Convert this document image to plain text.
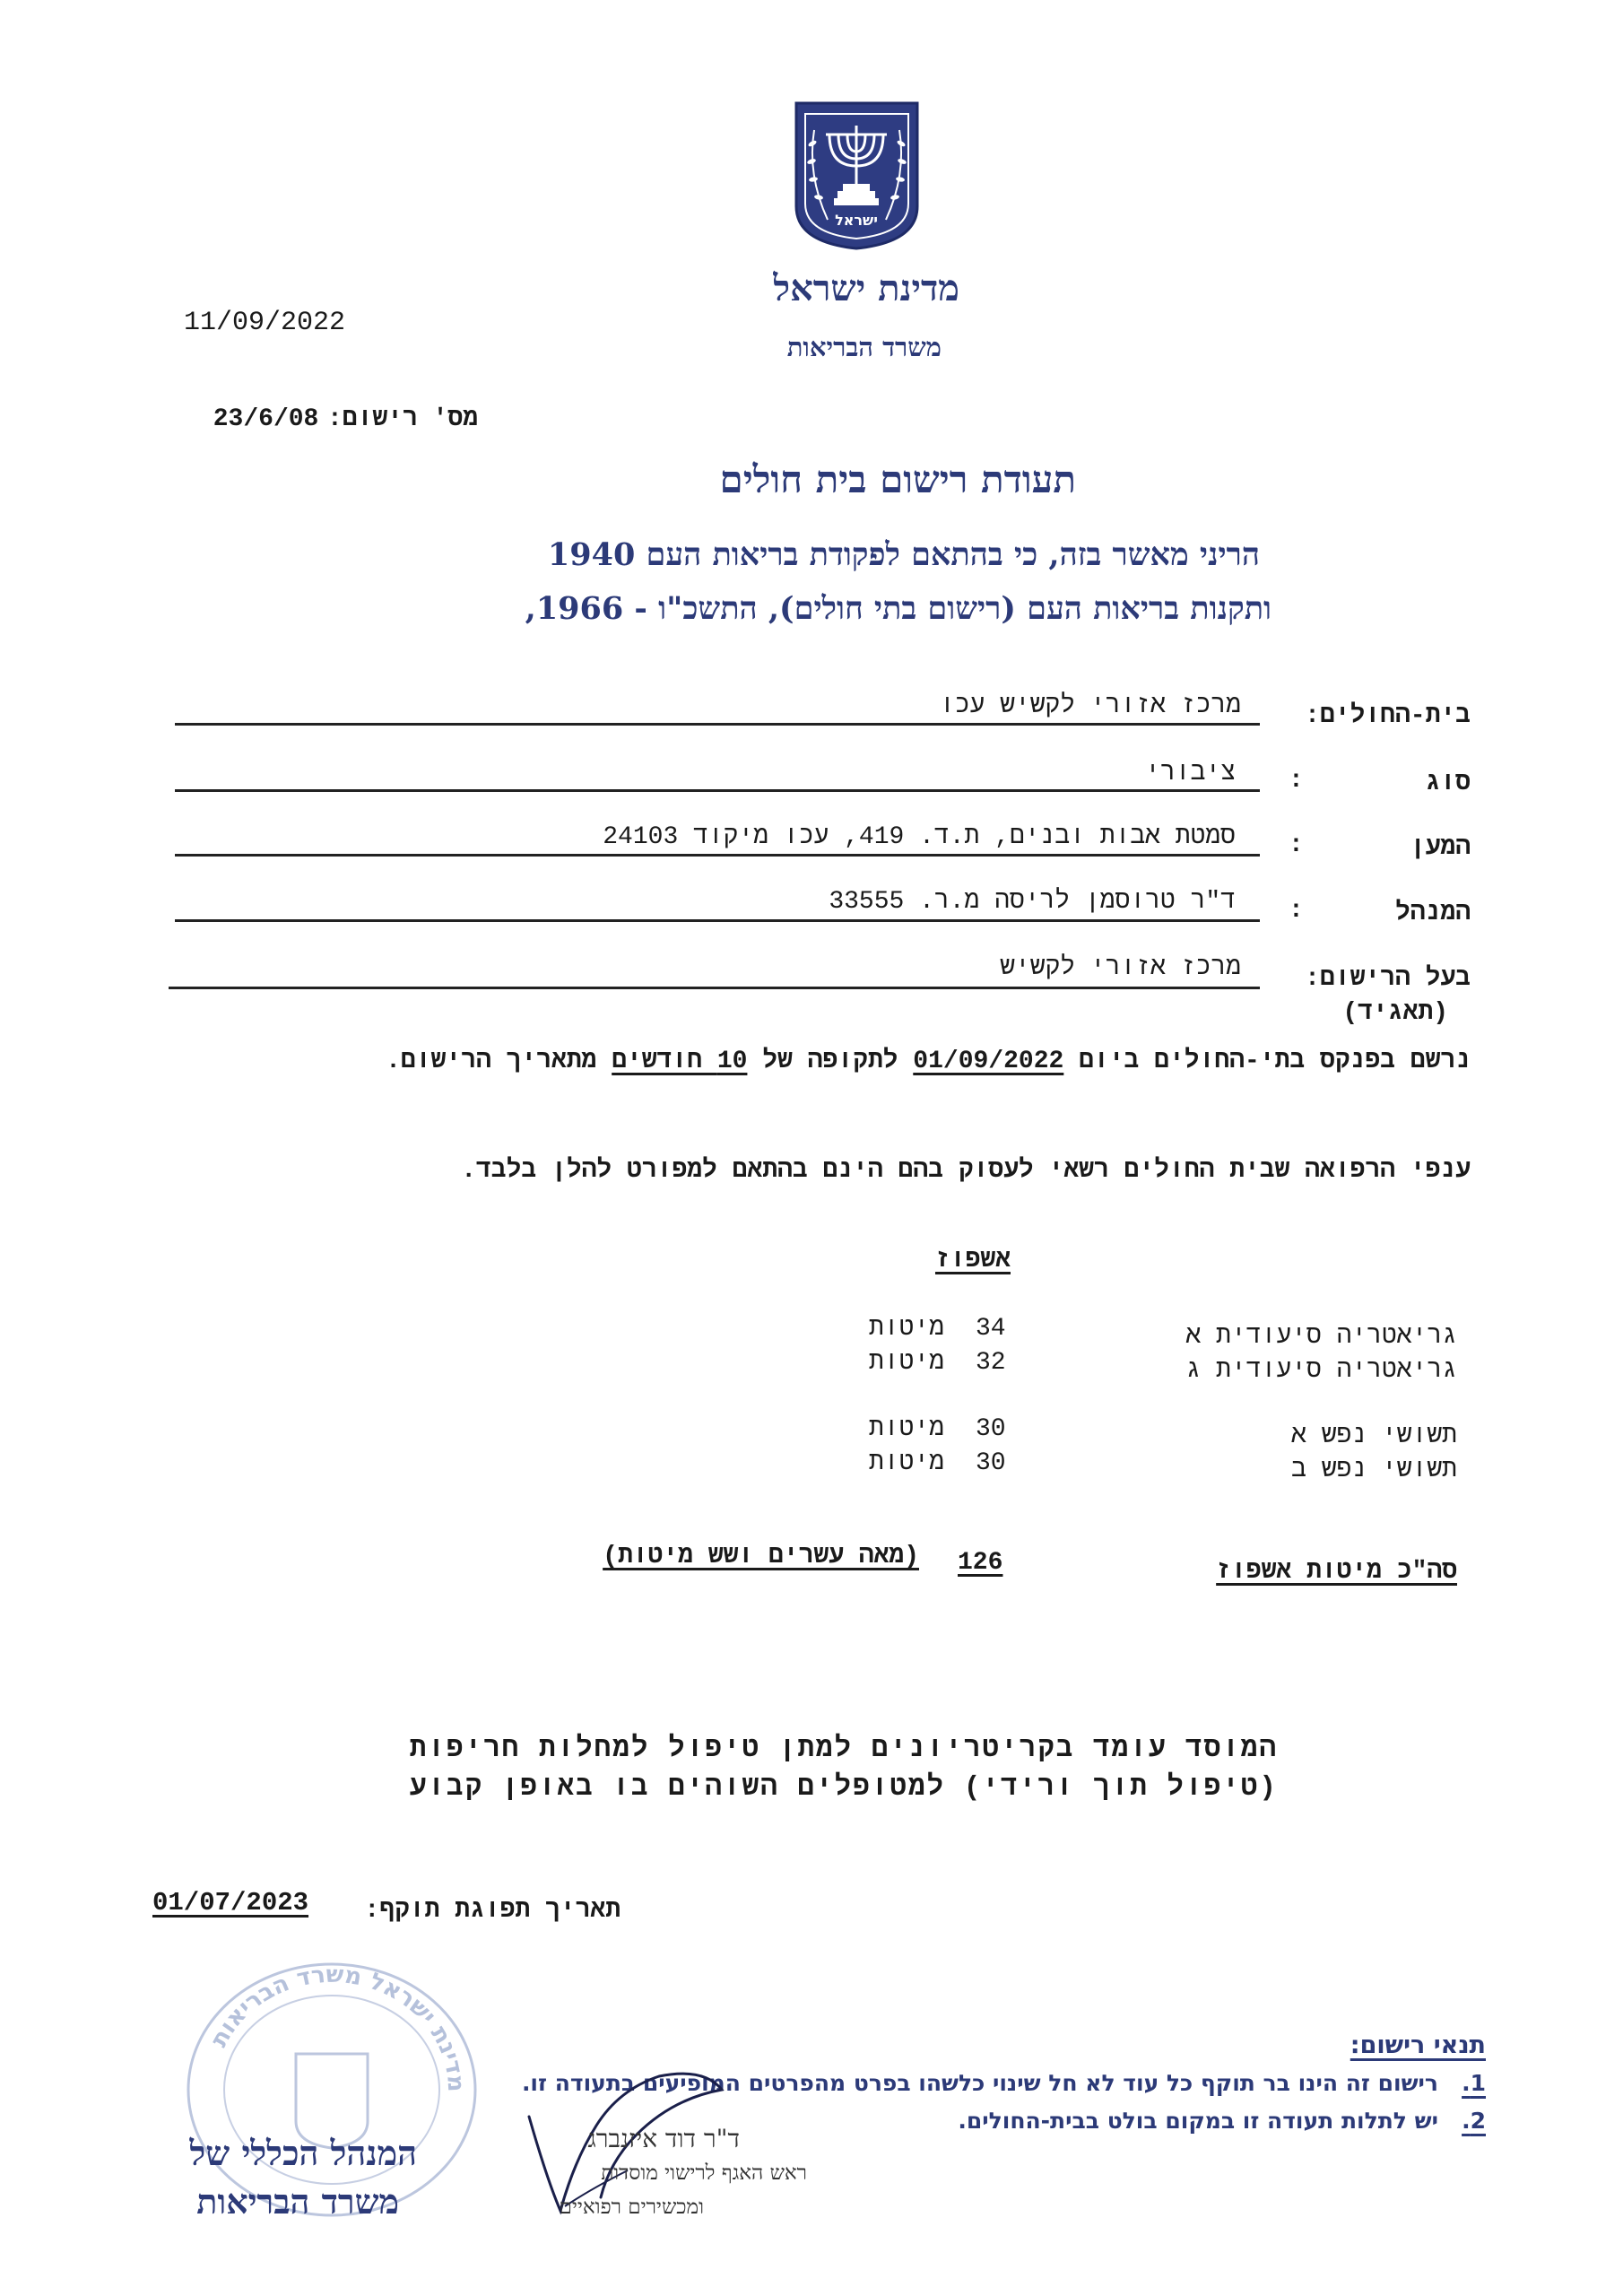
ישראל
מדינת ישראל
משרד הבריאות
11/09/2022
מס' רישום: 23/6/08
תעודת רישום בית חולים
הריני מאשר בזה, כי בהתאם לפקודת בריאות העם 1940
ותקנות בריאות העם (רישום בתי חולים), התשכ"ו - 1966,
בית-החולים:
מרכז אזורי לקשיש עכו
סוג
:
ציבורי
המען
:
סמטת אבות ובנים, ת.ד. 419, עכו מיקוד 24103
המנהל
:
ד"ר טרוסמן לריסה מ.ר. 33555
בעל הרישום:
(תאגיד)
מרכז אזורי לקשיש
נרשם בפנקס בתי-החולים ביום 01/09/2022 לתקופה של 10 חודשים מתאריך הרישום.
ענפי הרפואה שבית החולים רשאי לעסוק בהם הינם בהתאם למפורט להלן בלבד.
אשפוז
גריאטריה סיעודית א
34
מיטות
גריאטריה סיעודית ג
32
מיטות
תשושי נפש א
30
מיטות
תשושי נפש ב
30
מיטות
סה"כ מיטות אשפוז
126
(מאה עשרים ושש מיטות)
המוסד עומד בקריטריונים למתן טיפול למחלות חריפות
(טיפול תוך ורידי) למטופלים השוהים בו באופן קבוע
תאריך תפוגת תוקף:
01/07/2023
מדינת ישראל משרד הבריאות
תנאי רישום:
1.   רישום זה הינו בר תוקף כל עוד לא חל שינוי כלשהו בפרט מהפרטים המופיעים בתעודה זו.
2.   יש לתלות תעודה זו במקום בולט בבית-החולים.
המנהל הכללי של
משרד הבריאות
ד"ר דוד איזנברג
ראש האגף לרישוי מוסדות
ומכשירים רפואיים
